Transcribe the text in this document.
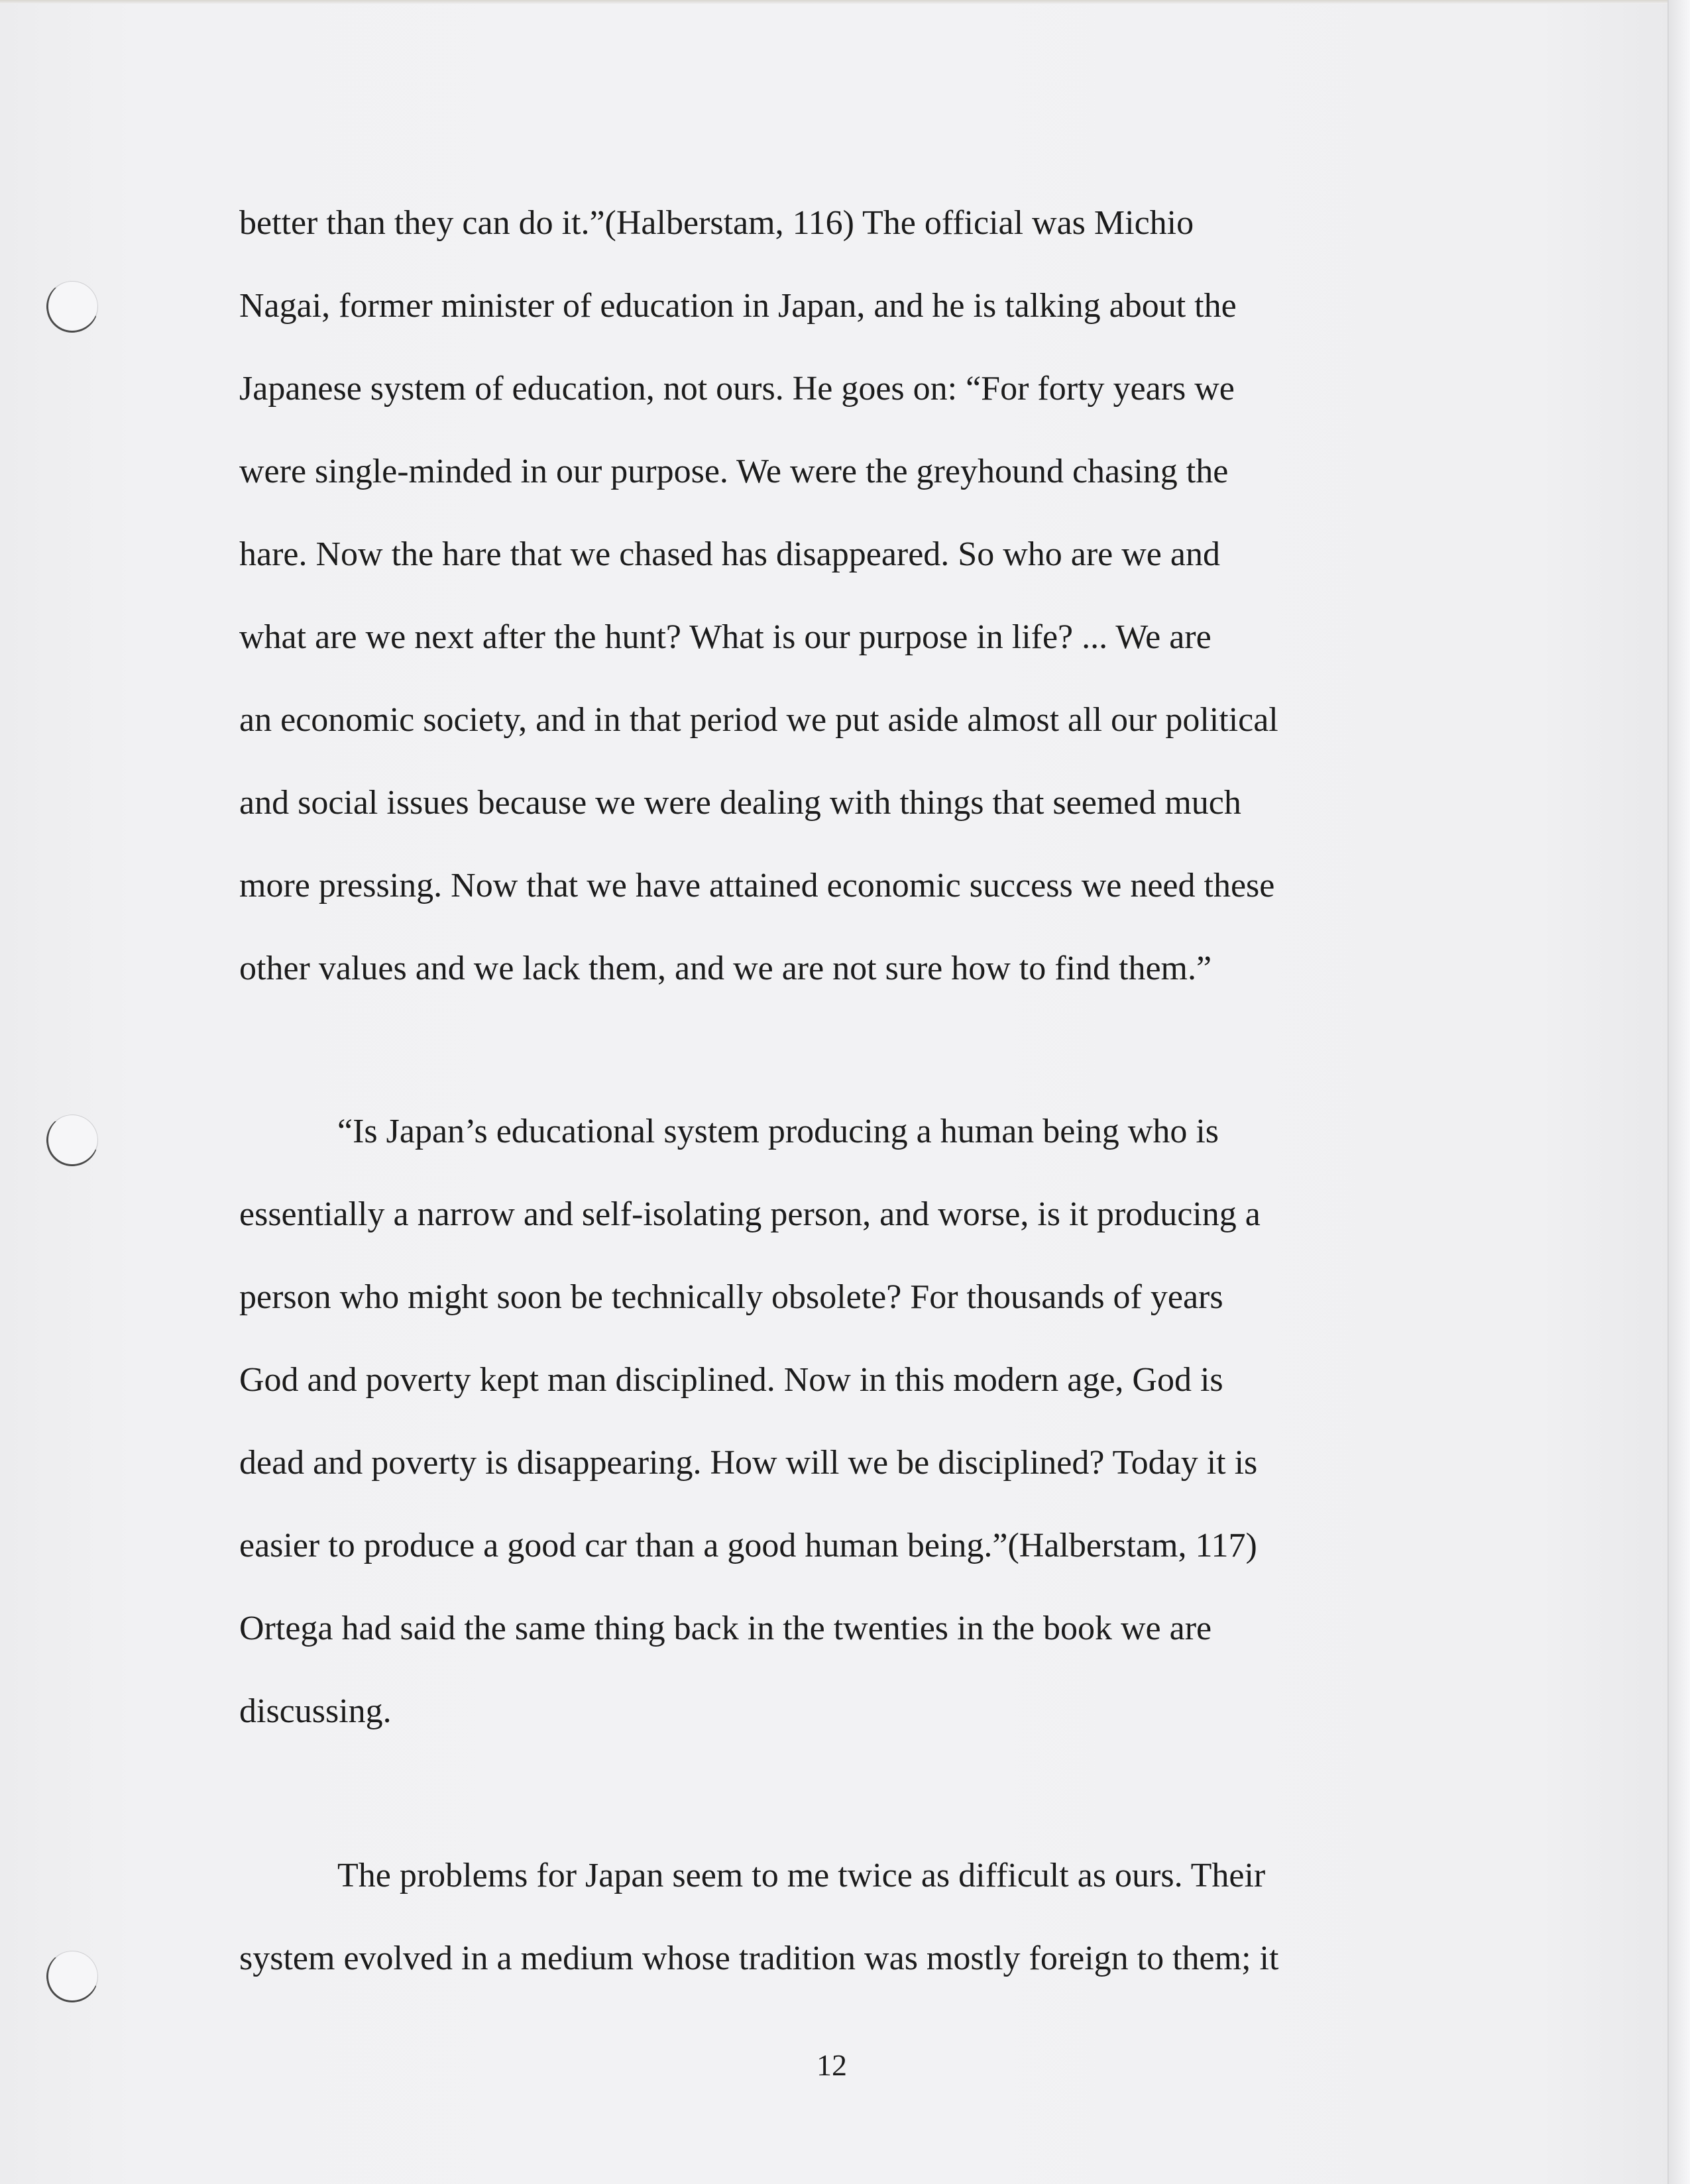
better than they can do it.”(Halberstam, 116) The official was Michio
Nagai, former minister of education in Japan, and he is talking about the
Japanese system of education, not ours. He goes on: “For forty years we
were single-minded in our purpose. We were the greyhound chasing the
hare. Now the hare that we chased has disappeared. So who are we and
what are we next after the hunt? What is our purpose in life? ... We are
an economic society, and in that period we put aside almost all our political
and social issues because we were dealing with things that seemed much
more pressing. Now that we have attained economic success we need these
other values and we lack them, and we are not sure how to find them.”
“Is Japan’s educational system producing a human being who is
essentially a narrow and self-isolating person, and worse, is it producing a
person who might soon be technically obsolete? For thousands of years
God and poverty kept man disciplined. Now in this modern age, God is
dead and poverty is disappearing. How will we be disciplined? Today it is
easier to produce a good car than a good human being.”(Halberstam, 117)
Ortega had said the same thing back in the twenties in the book we are
discussing.
The problems for Japan seem to me twice as difficult as ours. Their
system evolved in a medium whose tradition was mostly foreign to them; it
12
